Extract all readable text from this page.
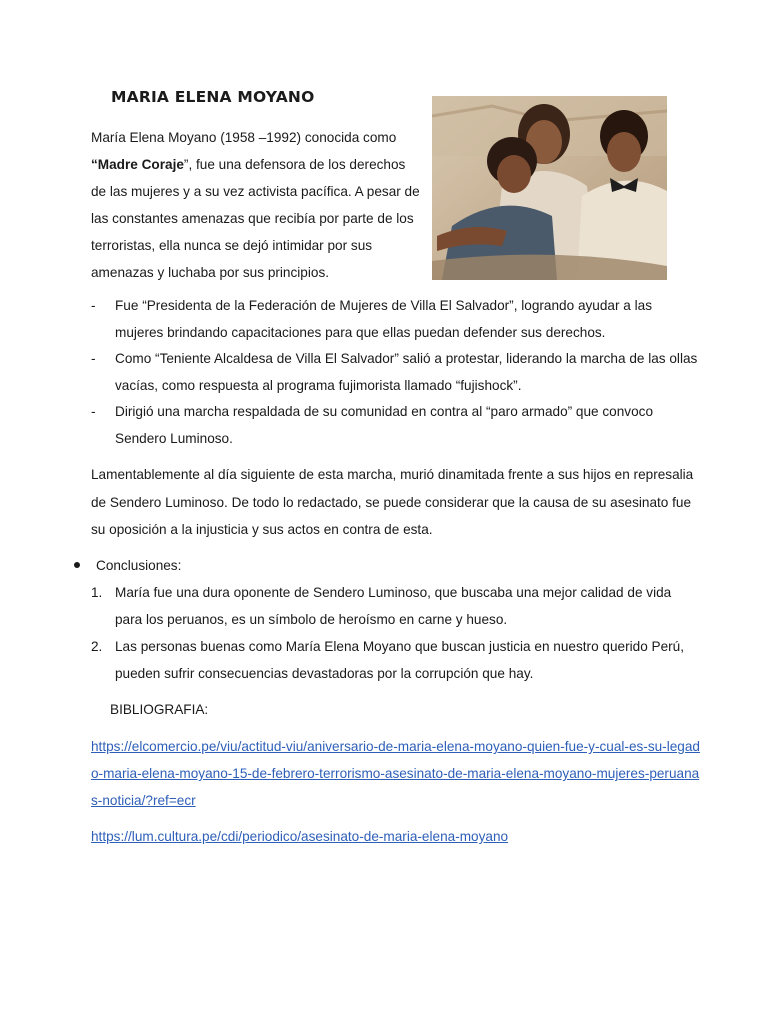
MARIA ELENA MOYANO

María Elena Moyano (1958 –1992) conocida como
“Madre Coraje”, fue una defensora de los derechos de las mujeres y a su vez activista pacífica. A pesar de las constantes amenazas que recibía por parte de los terroristas, ella nunca se dejó intimidar por sus amenazas y luchaba por sus principios.

- Fue “Presidenta de la Federación de Mujeres de Villa El Salvador”, logrando ayudar a las mujeres brindando capacitaciones para que ellas puedan defender sus derechos.
- Como “Teniente Alcaldesa de Villa El Salvador” salió a protestar, liderando la marcha de las ollas vacías, como respuesta al programa fujimorista llamado “fujishock”.
- Dirigió una marcha respaldada de su comunidad en contra al “paro armado” que convoco Sendero Luminoso.

Lamentablemente al día siguiente de esta marcha, murió dinamitada frente a sus hijos en represalia de Sendero Luminoso. De todo lo redactado, se puede considerar que la causa de su asesinato fue su oposición a la injusticia y sus actos en contra de esta.

Conclusiones:
1. María fue una dura oponente de Sendero Luminoso, que buscaba una mejor calidad de vida para los peruanos, es un símbolo de heroísmo en carne y hueso.
2. Las personas buenas como María Elena Moyano que buscan justicia en nuestro querido Perú, pueden sufrir consecuencias devastadoras por la corrupción que hay.
BIBLIOGRAFIA:
https://elcomercio.pe/viu/actitud-viu/aniversario-de-maria-elena-moyano-quien-fue-y-cual-es-su-legado-maria-elena-moyano-15-de-febrero-terrorismo-asesinato-de-maria-elena-moyano-mujeres-peruanas-noticia/?ref=ecr
https://lum.cultura.pe/cdi/periodico/asesinato-de-maria-elena-moyano
